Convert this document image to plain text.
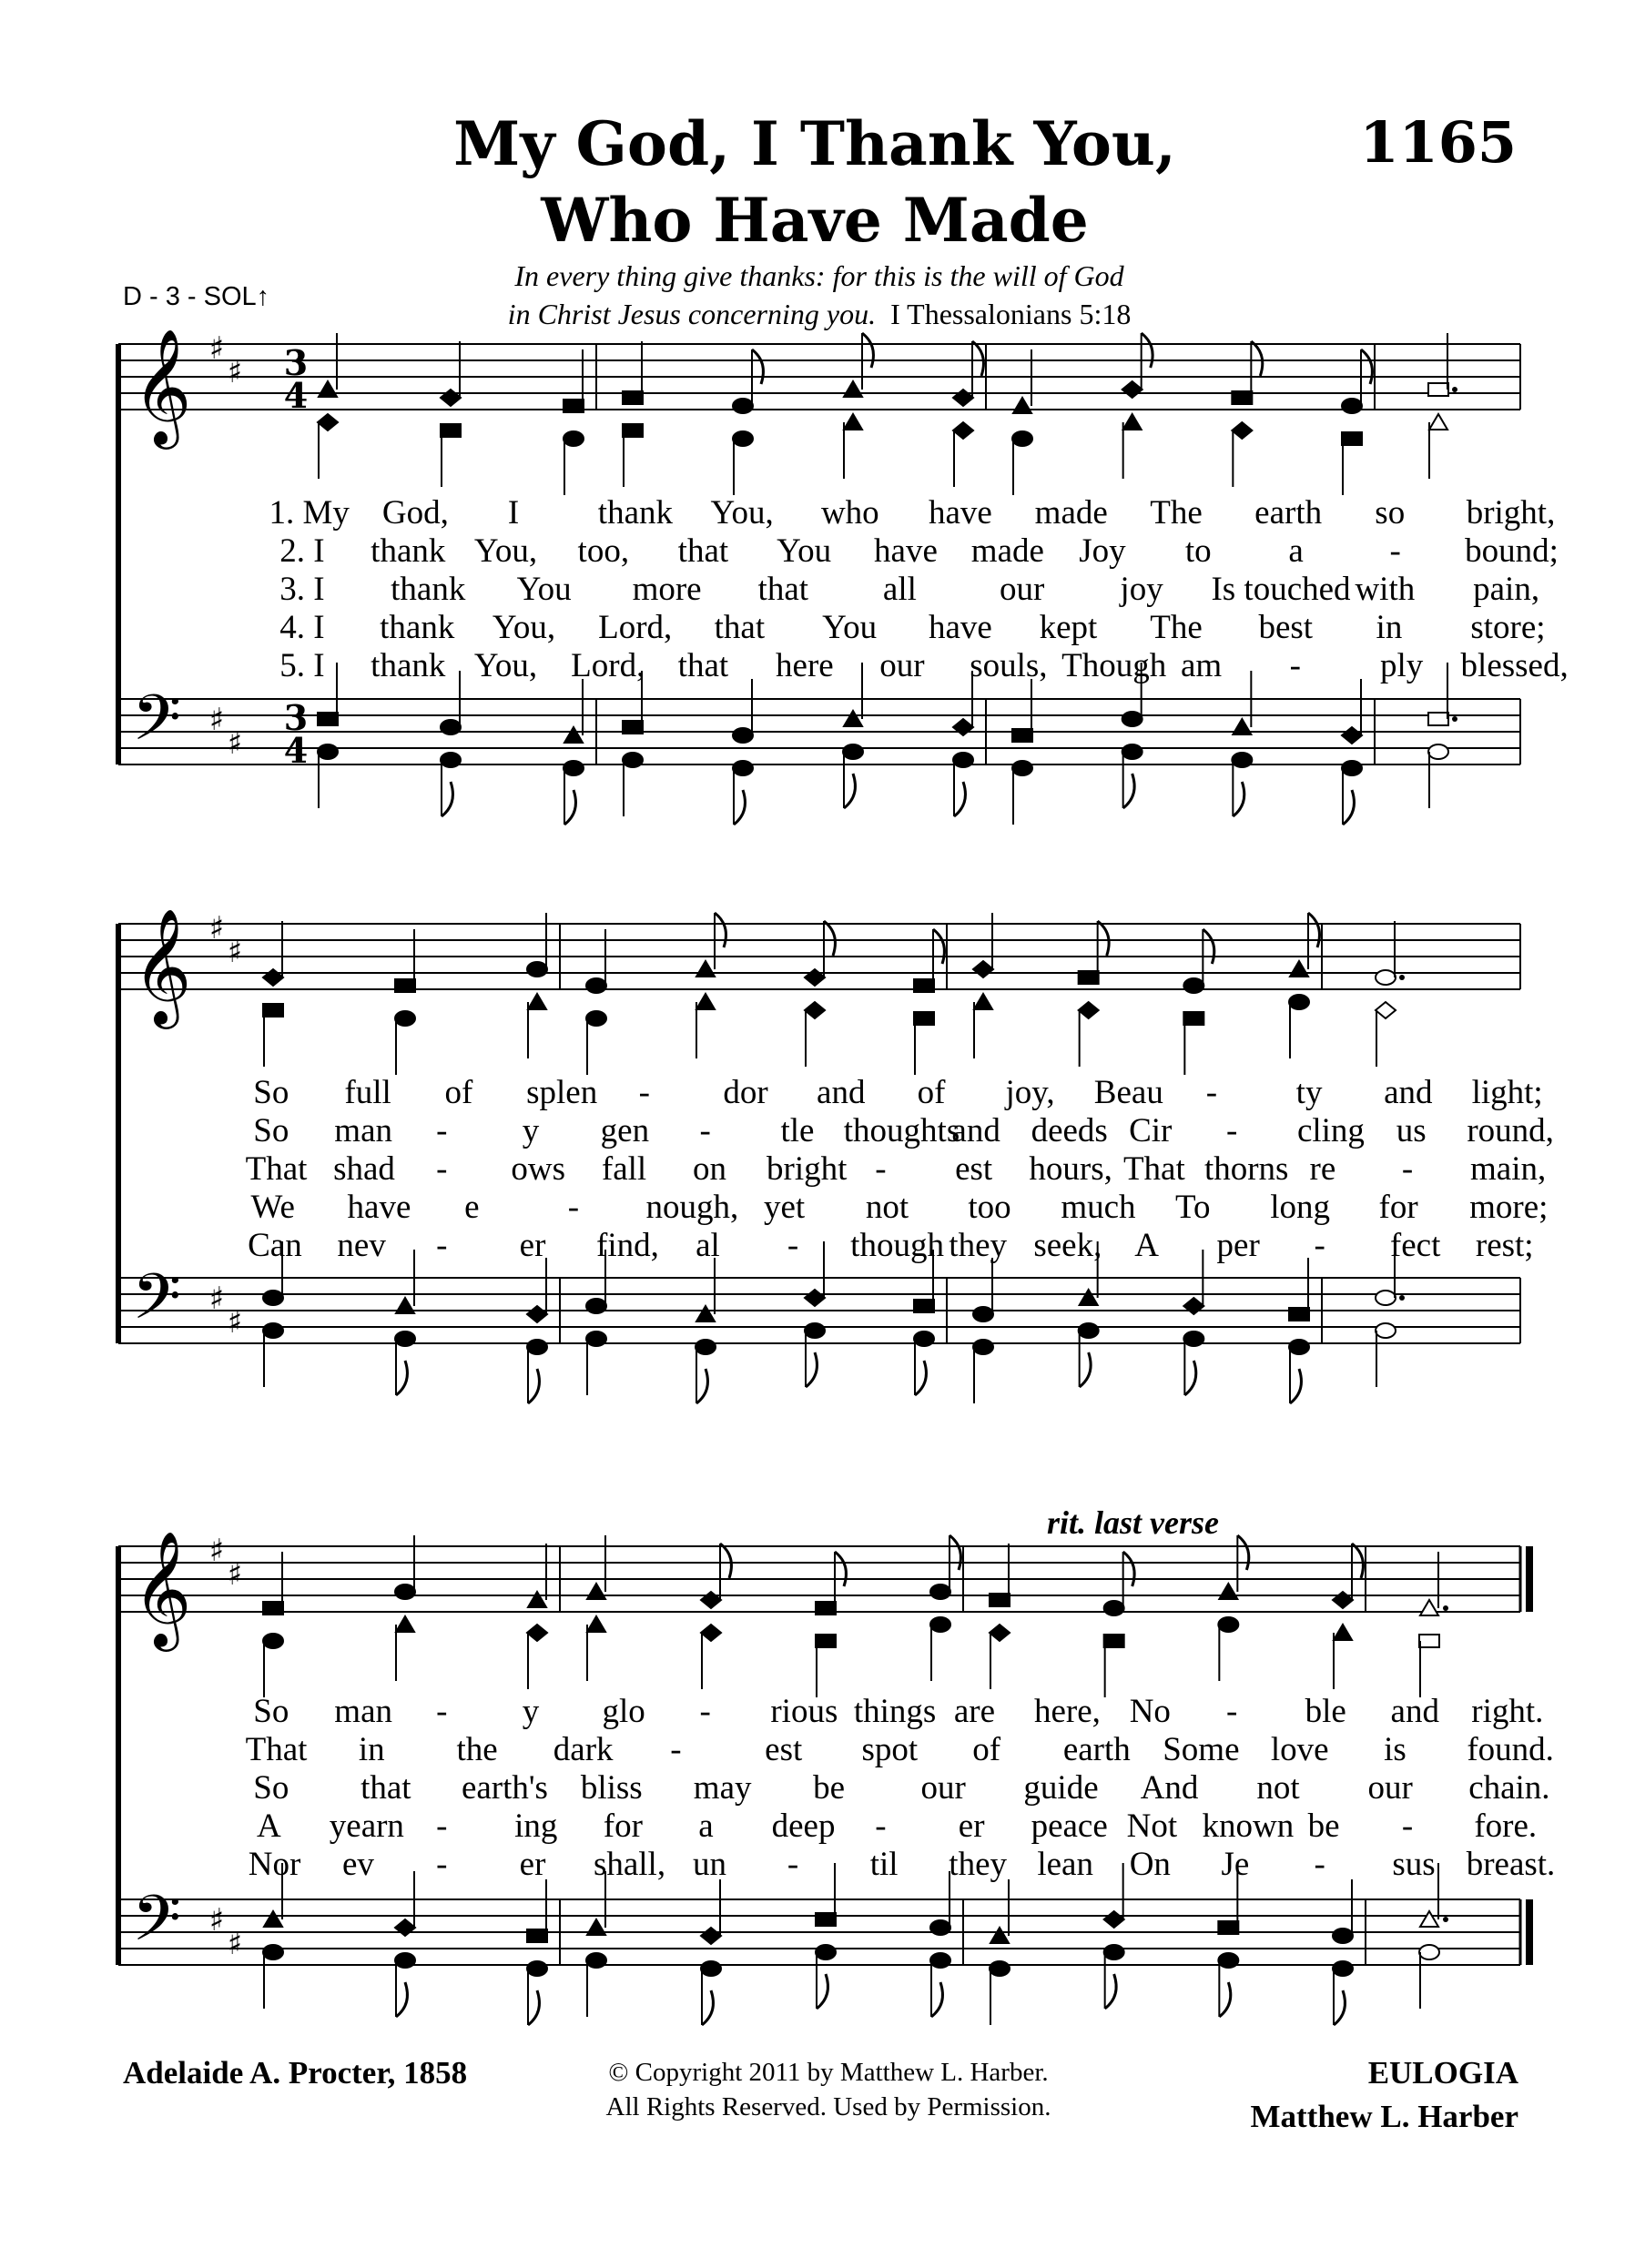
My God, I Thank You,
Who Have Made
1165
D - 3 - SOL↑
In every thing give thanks: for this is the will of God
in Christ Jesus concerning you. I Thessalonians 5:18
𝄞 ♯
♯
𝄢 ♯
♯
3
4
3
4
𝄞 ♯
♯
𝄢 ♯
♯
𝄞 ♯
♯
𝄢 ♯
♯
rit. last verse
1. My God, I thank You, who have made The earth so bright,
2. I thank You, too, that You have made Joy to a	- bound;
3. I thank You more that all our joy Is touched with pain,
4. I thank You, Lord, that You have kept The best in store;
5. I thank You, Lord, that here our souls, Though am - ply blessed,
So full of splen - dor and of joy, Beau - ty and light;
So man - y gen - tle thoughts
and deeds Cir - cling us round,
That shad - ows fall on bright - est hours, That thorns re - main,
We have e	- nough, yet not too much To long for more;
Can nev - er find, al - though they seek, A per - fect rest;
So man - y glo - rious things are here, No - ble and right.
That in the dark - est spot of earth Some love is found.
So that earth's bliss may be our guide And not our chain.
A yearn - ing for a deep - er peace Not known be - fore.
Nor ev - er shall, un - til they lean On Je - sus breast.
Adelaide A. Procter, 1858	© Copyright 2011 by Matthew L. Harber.
All Rights Reserved. Used by Permission.
EULOGIA
Matthew L. Harber
